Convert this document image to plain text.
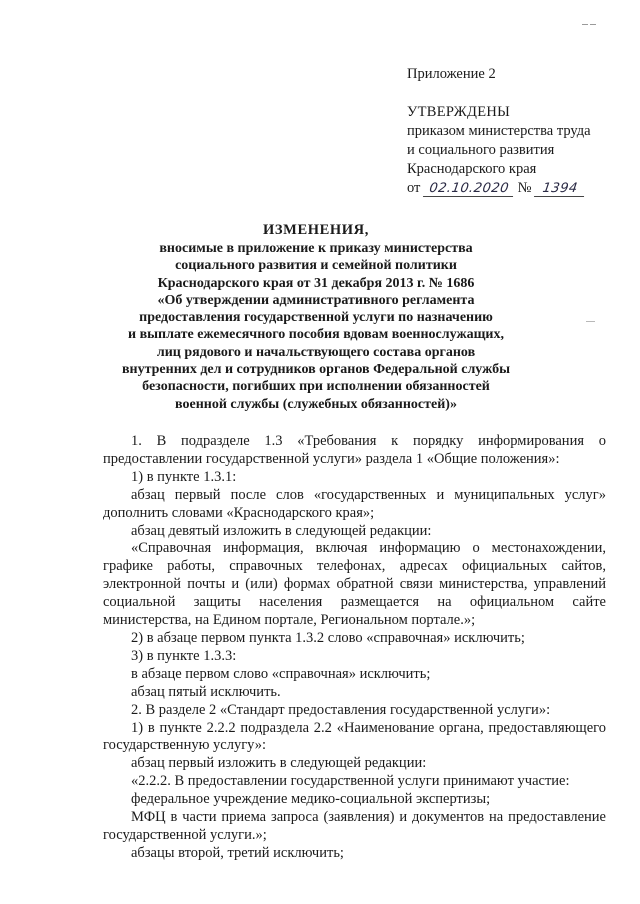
Приложение 2
УТВЕРЖДЕНЫ
приказом министерства труда
и социального развития
Краснодарского края
от 02.10.2020 № 1394
ИЗМЕНЕНИЯ,
вносимые в приложение к приказу министерства
социального развития и семейной политики
Краснодарского края от 31 декабря 2013 г. № 1686
«Об утверждении административного регламента
предоставления государственной услуги по назначению
и выплате ежемесячного пособия вдовам военнослужащих,
лиц рядового и начальствующего состава органов
внутренних дел и сотрудников органов Федеральной службы
безопасности, погибших при исполнении обязанностей
военной службы (служебных обязанностей)»

1. В подразделе 1.3 «Требования к порядку информирования о предоставлении государственной услуги» раздела 1 «Общие положения»:

1) в пункте 1.3.1:

абзац первый после слов «государственных и муниципальных услуг» дополнить словами «Краснодарского края»;

абзац девятый изложить в следующей редакции:

«Справочная информация, включая информацию о местонахождении, графике работы, справочных телефонах, адресах официальных сайтов, электронной почты и (или) формах обратной связи министерства, управлений социальной защиты населения размещается на официальном сайте министерства, на Едином портале, Региональном портале.»;

2) в абзаце первом пункта 1.3.2 слово «справочная» исключить;

3) в пункте 1.3.3:

в абзаце первом слово «справочная» исключить;

абзац пятый исключить.

2. В разделе 2 «Стандарт предоставления государственной услуги»:

1) в пункте 2.2.2 подраздела 2.2 «Наименование органа, предоставляющего государственную услугу»:

абзац первый изложить в следующей редакции:

«2.2.2. В предоставлении государственной услуги принимают участие:

федеральное учреждение медико-социальной экспертизы;

МФЦ в части приема запроса (заявления) и документов на предоставление государственной услуги.»;

абзацы второй, третий исключить;
